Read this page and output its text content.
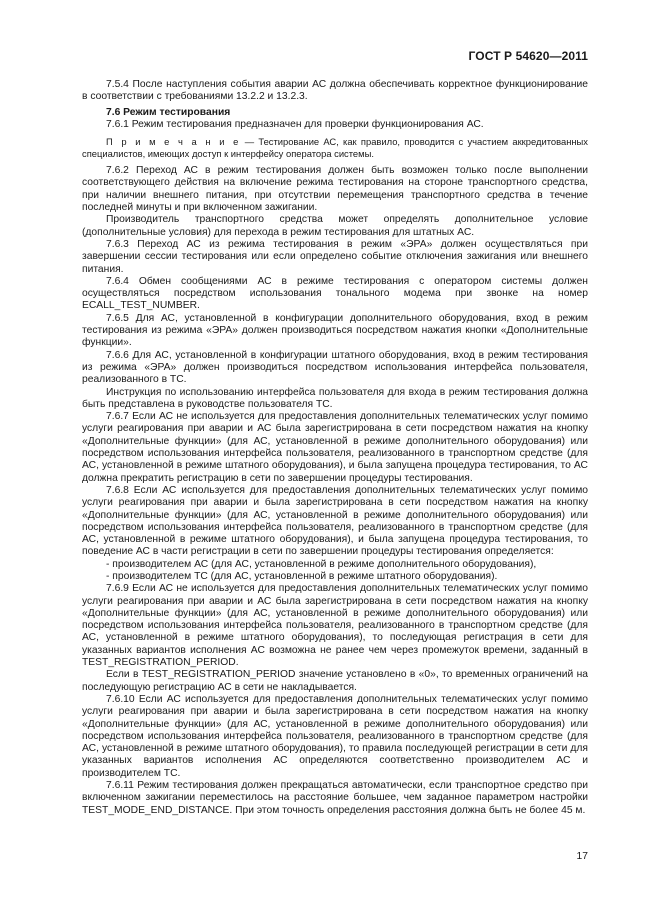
ГОСТ Р 54620—2011

7.5.4 После наступления события аварии АС должна обеспечивать корректное функционирование в соответствии с требованиями 13.2.2 и 13.2.3.

7.6 Режим тестирования

7.6.1 Режим тестирования предназначен для проверки функционирования АС.

П р и м е ч а н и е — Тестирование АС, как правило, проводится с участием аккредитованных специалистов, имеющих доступ к интерфейсу оператора системы.

7.6.2 Переход АС в режим тестирования должен быть возможен только после выполнении соответствующего действия на включение режима тестирования на стороне транспортного средства, при наличии внешнего питания, при отсутствии перемещения транспортного средства в течение последней минуты и при включенном зажигании.

Производитель транспортного средства может определять дополнительное условие (дополнительные условия) для перехода в режим тестирования для штатных АС.

7.6.3 Переход АС из режима тестирования в режим «ЭРА» должен осуществляться при завершении сессии тестирования или если определено событие отключения зажигания или внешнего питания.

7.6.4 Обмен сообщениями АС в режиме тестирования с оператором системы должен осуществляться посредством использования тонального модема при звонке на номер ECALL_TEST_NUMBER.

7.6.5 Для АС, установленной в конфигурации дополнительного оборудования, вход в режим тестирования из режима «ЭРА» должен производиться посредством нажатия кнопки «Дополнительные функции».

7.6.6 Для АС, установленной в конфигурации штатного оборудования, вход в режим тестирования из режима «ЭРА» должен производиться посредством использования интерфейса пользователя, реализованного в ТС.

Инструкция по использованию интерфейса пользователя для входа в режим тестирования должна быть представлена в руководстве пользователя ТС.

7.6.7 Если АС не используется для предоставления дополнительных телематических услуг помимо услуги реагирования при аварии и АС была зарегистрирована в сети посредством нажатия на кнопку «Дополнительные функции» (для АС, установленной в режиме дополнительного оборудования) или посредством использования интерфейса пользователя, реализованного в транспортном средстве (для АС, установленной в режиме штатного оборудования), и была запущена процедура тестирования, то АС должна прекратить регистрацию в сети по завершении процедуры тестирования.

7.6.8 Если АС используется для предоставления дополнительных телематических услуг помимо услуги реагирования при аварии и была зарегистрирована в сети посредством нажатия на кнопку «Дополнительные функции» (для АС, установленной в режиме дополнительного оборудования) или посредством использования интерфейса пользователя, реализованного в транспортном средстве (для АС, установленной в режиме штатного оборудования), и была запущена процедура тестирования, то поведение АС в части регистрации в сети по завершении процедуры тестирования определяется:

- производителем АС (для АС, установленной в режиме дополнительного оборудования),

- производителем ТС (для АС, установленной в режиме штатного оборудования).

7.6.9 Если АС не используется для предоставления дополнительных телематических услуг помимо услуги реагирования при аварии и АС была зарегистрирована в сети посредством нажатия на кнопку «Дополнительные функции» (для АС, установленной в режиме дополнительного оборудования) или посредством использования интерфейса пользователя, реализованного в транспортном средстве (для АС, установленной в режиме штатного оборудования), то последующая регистрация в сети для указанных вариантов исполнения АС возможна не ранее чем через промежуток времени, заданный в TEST_REGISTRATION_PERIOD.

Если в TEST_REGISTRATION_PERIOD значение установлено в «0», то временных ограничений на последующую регистрацию АС в сети не накладывается.

7.6.10 Если АС используется для предоставления дополнительных телематических услуг помимо услуги реагирования при аварии и была зарегистрирована в сети посредством нажатия на кнопку «Дополнительные функции» (для АС, установленной в режиме дополнительного оборудования) или посредством использования интерфейса пользователя, реализованного в транспортном средстве (для АС, установленной в режиме штатного оборудования), то правила последующей регистрации в сети для указанных вариантов исполнения АС определяются соответственно производителем АС и производителем ТС.

7.6.11 Режим тестирования должен прекращаться автоматически, если транспортное средство при включенном зажигании переместилось на расстояние большее, чем заданное параметром настройки TEST_MODE_END_DISTANCE. При этом точность определения расстояния должна быть не более 45 м.

17
